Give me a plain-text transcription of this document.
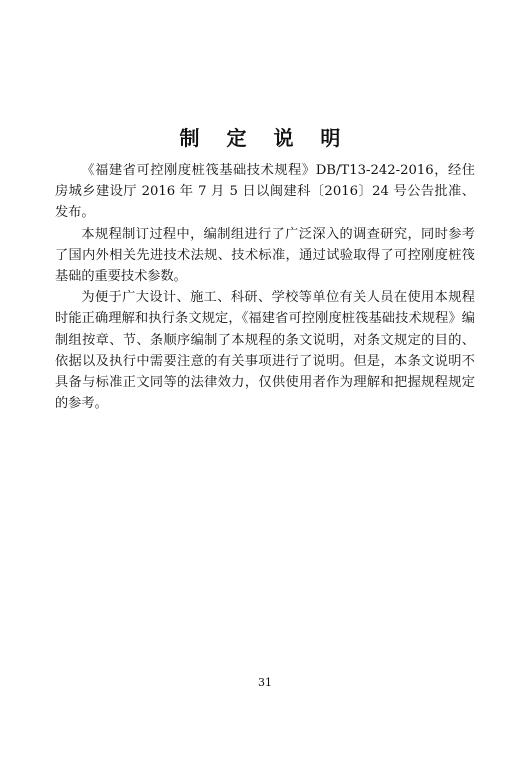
制 定 说 明

《福建省可控刚度桩筏基础技术规程》DB/T13-242-2016，经住房城乡建设厅 2016 年 7 月 5 日以闽建科〔2016〕24 号公告批准、发布。

本规程制订过程中，编制组进行了广泛深入的调查研究，同时参考了国内外相关先进技术法规、技术标准，通过试验取得了可控刚度桩筏基础的重要技术参数。

为便于广大设计、施工、科研、学校等单位有关人员在使用本规程时能正确理解和执行条文规定，《福建省可控刚度桩筏基础技术规程》编制组按章、节、条顺序编制了本规程的条文说明，对条文规定的目的、依据以及执行中需要注意的有关事项进行了说明。但是，本条文说明不具备与标准正文同等的法律效力，仅供使用者作为理解和把握规程规定的参考。

31
